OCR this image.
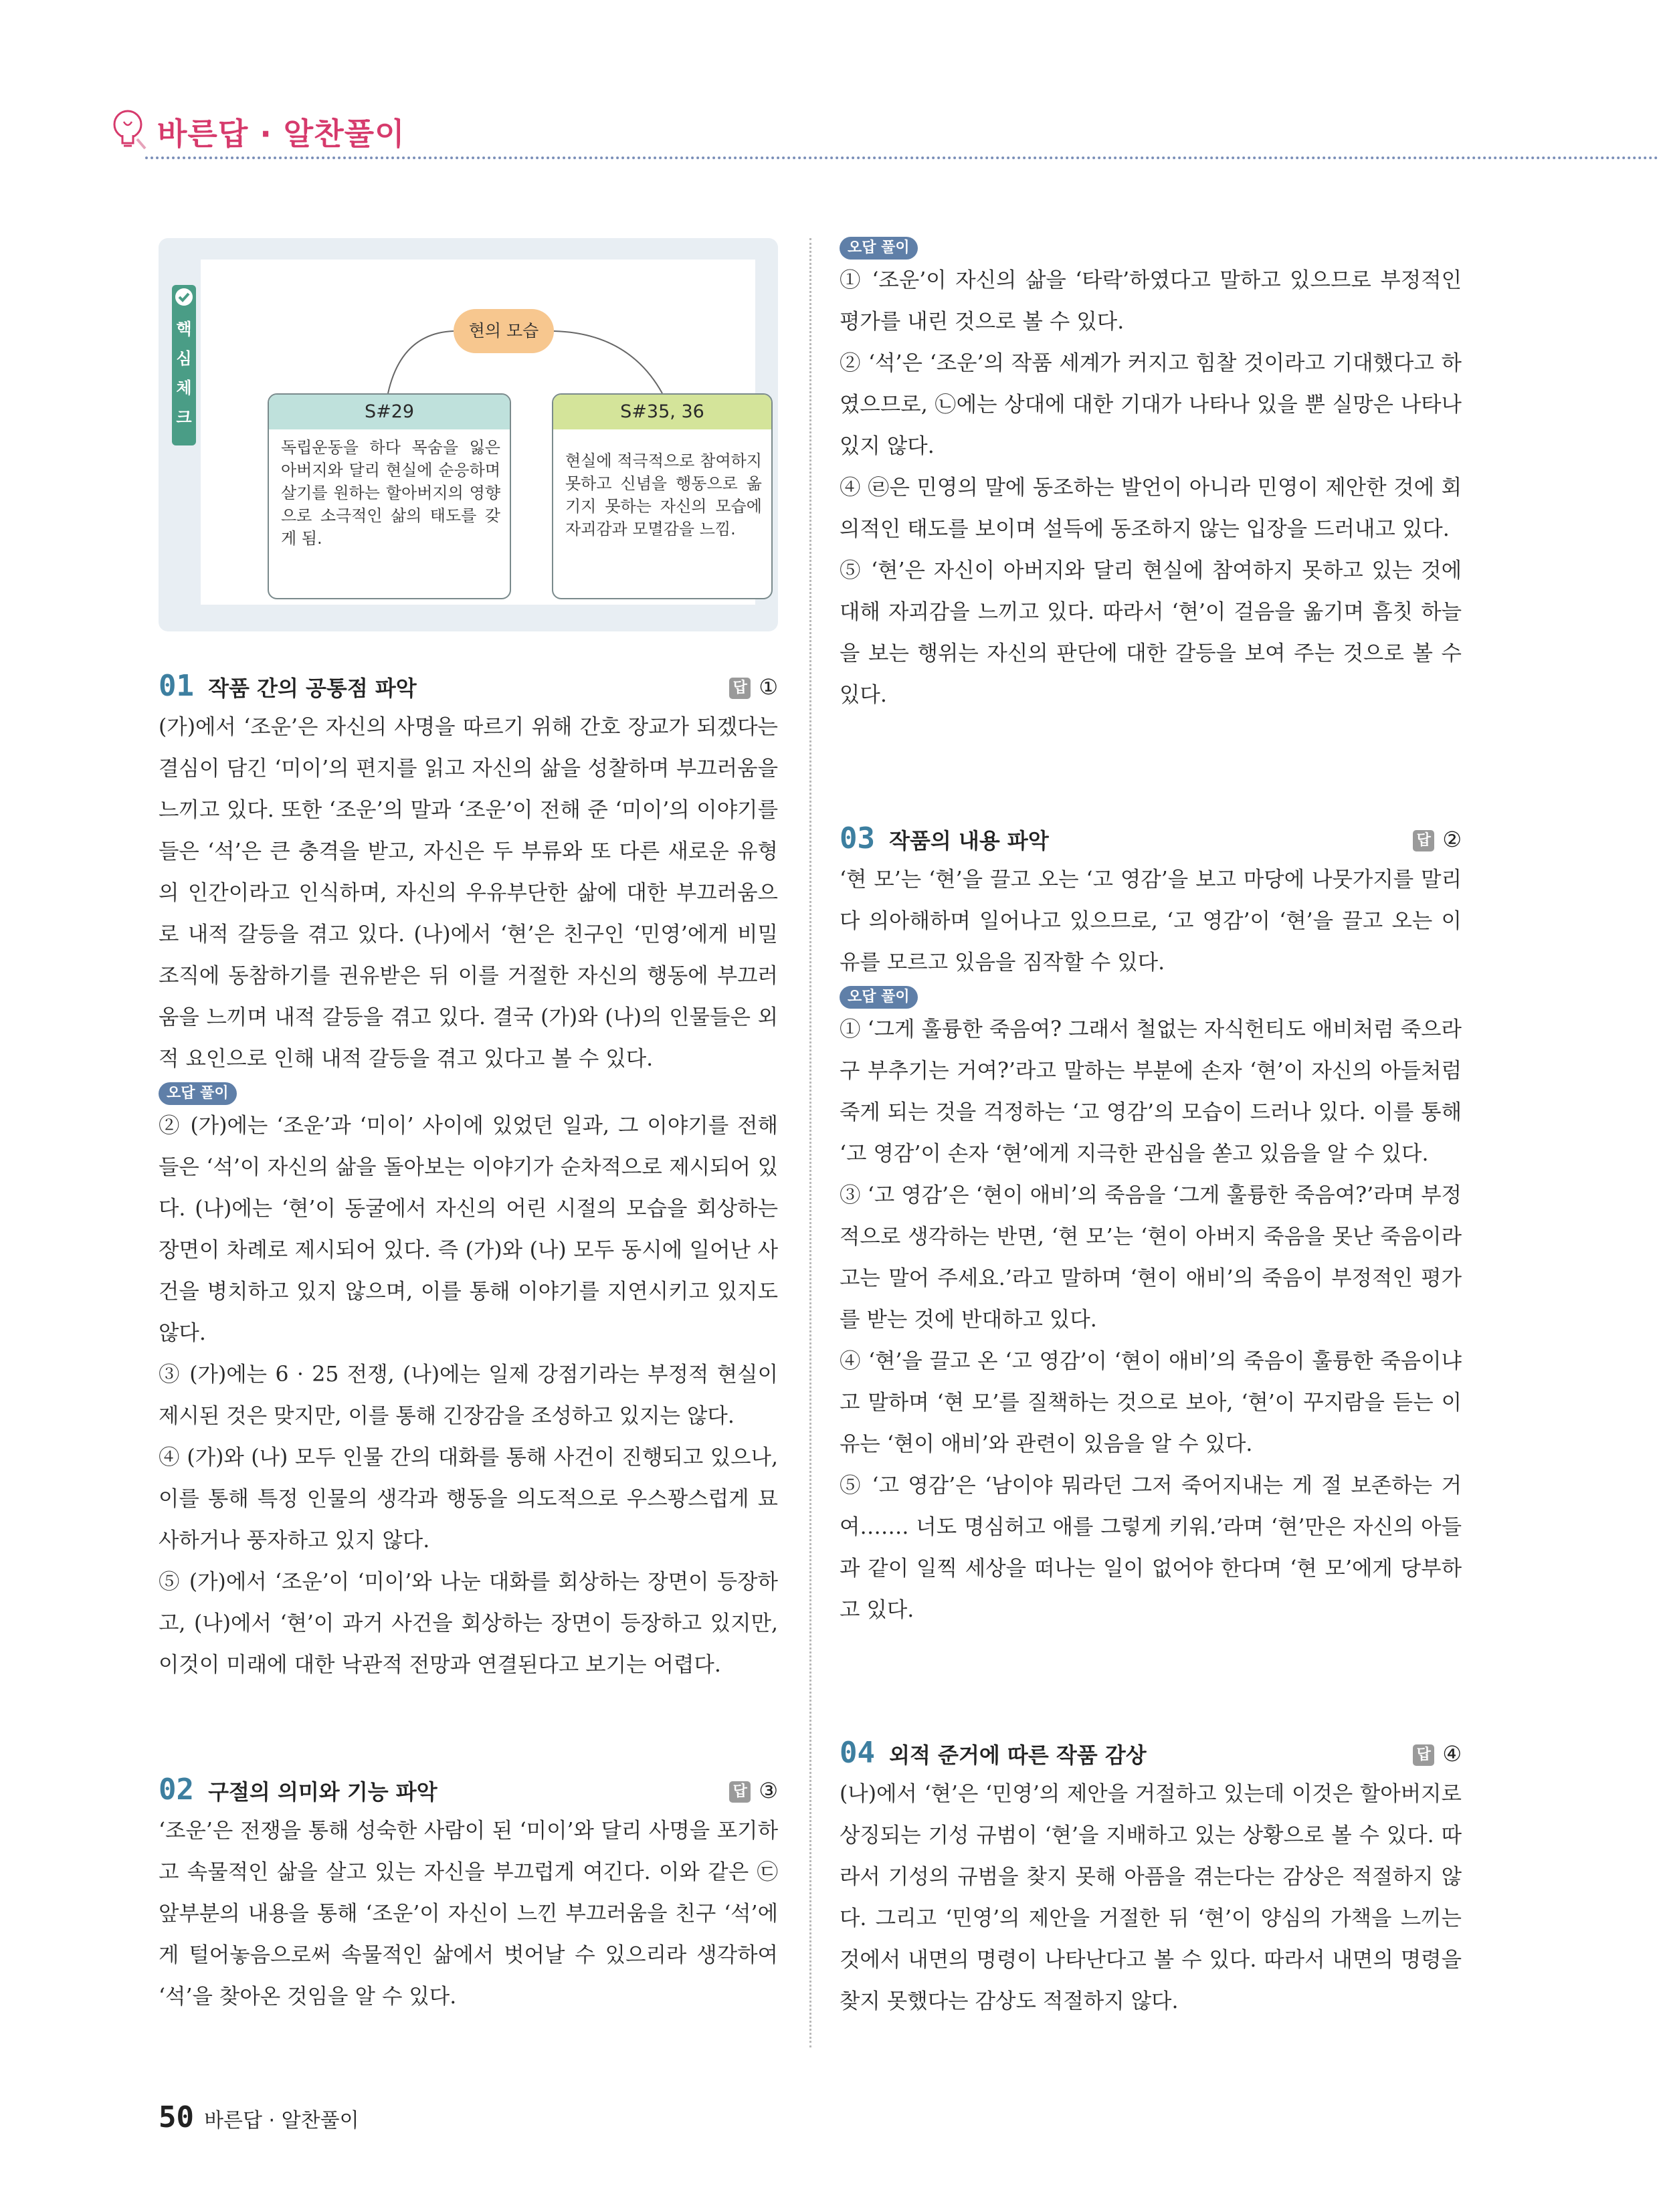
바른답 · 알찬풀이
핵
심
체
크
현의 모습
S#29
독립운동을 하다 목숨을 잃은 아버지와 달리 현실에 순응하며 살기를 원하는 할아버지의 영향으로 소극적인 삶의 태도를 갖게 됨.
S#35, 36
현실에 적극적으로 참여하지 못하고 신념을 행동으로 옮기지 못하는 자신의 모습에 자괴감과 모멸감을 느낌.
01 작품 간의 공통점 파악	답 ①
(가)에서 ‘조운’은 자신의 사명을 따르기 위해 간호 장교가 되겠다는 결심이 담긴 ‘미이’의 편지를 읽고 자신의 삶을 성찰하며 부끄러움을 느끼고 있다. 또한 ‘조운’의 말과 ‘조운’이 전해 준 ‘미이’의 이야기를 들은 ‘석’은 큰 충격을 받고, 자신은 두 부류와 또 다른 새로운 유형의 인간이라고 인식하며, 자신의 우유부단한 삶에 대한 부끄러움으로 내적 갈등을 겪고 있다. (나)에서 ‘현’은 친구인 ‘민영’에게 비밀 조직에 동참하기를 권유받은 뒤 이를 거절한 자신의 행동에 부끄러움을 느끼며 내적 갈등을 겪고 있다. 결국 (가)와 (나)의 인물들은 외적 요인으로 인해 내적 갈등을 겪고 있다고 볼 수 있다.
오답 풀이
② (가)에는 ‘조운’과 ‘미이’ 사이에 있었던 일과, 그 이야기를 전해들은 ‘석’이 자신의 삶을 돌아보는 이야기가 순차적으로 제시되어 있다. (나)에는 ‘현’이 동굴에서 자신의 어린 시절의 모습을 회상하는 장면이 차례로 제시되어 있다. 즉 (가)와 (나) 모두 동시에 일어난 사건을 병치하고 있지 않으며, 이를 통해 이야기를 지연시키고 있지도 않다.
③ (가)에는 6 · 25 전쟁, (나)에는 일제 강점기라는 부정적 현실이 제시된 것은 맞지만, 이를 통해 긴장감을 조성하고 있지는 않다.
④ (가)와 (나) 모두 인물 간의 대화를 통해 사건이 진행되고 있으나, 이를 통해 특정 인물의 생각과 행동을 의도적으로 우스꽝스럽게 묘사하거나 풍자하고 있지 않다.
⑤ (가)에서 ‘조운’이 ‘미이’와 나눈 대화를 회상하는 장면이 등장하고, (나)에서 ‘현’이 과거 사건을 회상하는 장면이 등장하고 있지만, 이것이 미래에 대한 낙관적 전망과 연결된다고 보기는 어렵다.
02 구절의 의미와 기능 파악	답 ③
‘조운’은 전쟁을 통해 성숙한 사람이 된 ‘미이’와 달리 사명을 포기하고 속물적인 삶을 살고 있는 자신을 부끄럽게 여긴다. 이와 같은 ㉢ 앞부분의 내용을 통해 ‘조운’이 자신이 느낀 부끄러움을 친구 ‘석’에게 털어놓음으로써 속물적인 삶에서 벗어날 수 있으리라 생각하여 ‘석’을 찾아온 것임을 알 수 있다.
오답 풀이
① ‘조운’이 자신의 삶을 ‘타락’하였다고 말하고 있으므로 부정적인 평가를 내린 것으로 볼 수 있다.
② ‘석’은 ‘조운’의 작품 세계가 커지고 힘찰 것이라고 기대했다고 하였으므로, ㉡에는 상대에 대한 기대가 나타나 있을 뿐 실망은 나타나 있지 않다.
④ ㉣은 민영의 말에 동조하는 발언이 아니라 민영이 제안한 것에 회의적인 태도를 보이며 설득에 동조하지 않는 입장을 드러내고 있다.
⑤ ‘현’은 자신이 아버지와 달리 현실에 참여하지 못하고 있는 것에 대해 자괴감을 느끼고 있다. 따라서 ‘현’이 걸음을 옮기며 흠칫 하늘을 보는 행위는 자신의 판단에 대한 갈등을 보여 주는 것으로 볼 수 있다.
03 작품의 내용 파악	답 ②
‘현 모’는 ‘현’을 끌고 오는 ‘고 영감’을 보고 마당에 나뭇가지를 말리다 의아해하며 일어나고 있으므로, ‘고 영감’이 ‘현’을 끌고 오는 이유를 모르고 있음을 짐작할 수 있다.
오답 풀이
① ‘그게 훌륭한 죽음여? 그래서 철없는 자식헌티도 애비처럼 죽으라구 부추기는 거여?’라고 말하는 부분에 손자 ‘현’이 자신의 아들처럼 죽게 되는 것을 걱정하는 ‘고 영감’의 모습이 드러나 있다. 이를 통해 ‘고 영감’이 손자 ‘현’에게 지극한 관심을 쏟고 있음을 알 수 있다.
③ ‘고 영감’은 ‘현이 애비’의 죽음을 ‘그게 훌륭한 죽음여?’라며 부정적으로 생각하는 반면, ‘현 모’는 ‘현이 아버지 죽음을 못난 죽음이라고는 말어 주세요.’라고 말하며 ‘현이 애비’의 죽음이 부정적인 평가를 받는 것에 반대하고 있다.
④ ‘현’을 끌고 온 ‘고 영감’이 ‘현이 애비’의 죽음이 훌륭한 죽음이냐고 말하며 ‘현 모’를 질책하는 것으로 보아, ‘현’이 꾸지람을 듣는 이유는 ‘현이 애비’와 관련이 있음을 알 수 있다.
⑤ ‘고 영감’은 ‘남이야 뭐라던 그저 죽어지내는 게 절 보존하는 거여……. 너도 명심허고 애를 그렇게 키워.’라며 ‘현’만은 자신의 아들과 같이 일찍 세상을 떠나는 일이 없어야 한다며 ‘현 모’에게 당부하고 있다.
04 외적 준거에 따른 작품 감상	답 ④
(나)에서 ‘현’은 ‘민영’의 제안을 거절하고 있는데 이것은 할아버지로 상징되는 기성 규범이 ‘현’을 지배하고 있는 상황으로 볼 수 있다. 따라서 기성의 규범을 찾지 못해 아픔을 겪는다는 감상은 적절하지 않다. 그리고 ‘민영’의 제안을 거절한 뒤 ‘현’이 양심의 가책을 느끼는 것에서 내면의 명령이 나타난다고 볼 수 있다. 따라서 내면의 명령을 찾지 못했다는 감상도 적절하지 않다.
50 바른답 · 알찬풀이
